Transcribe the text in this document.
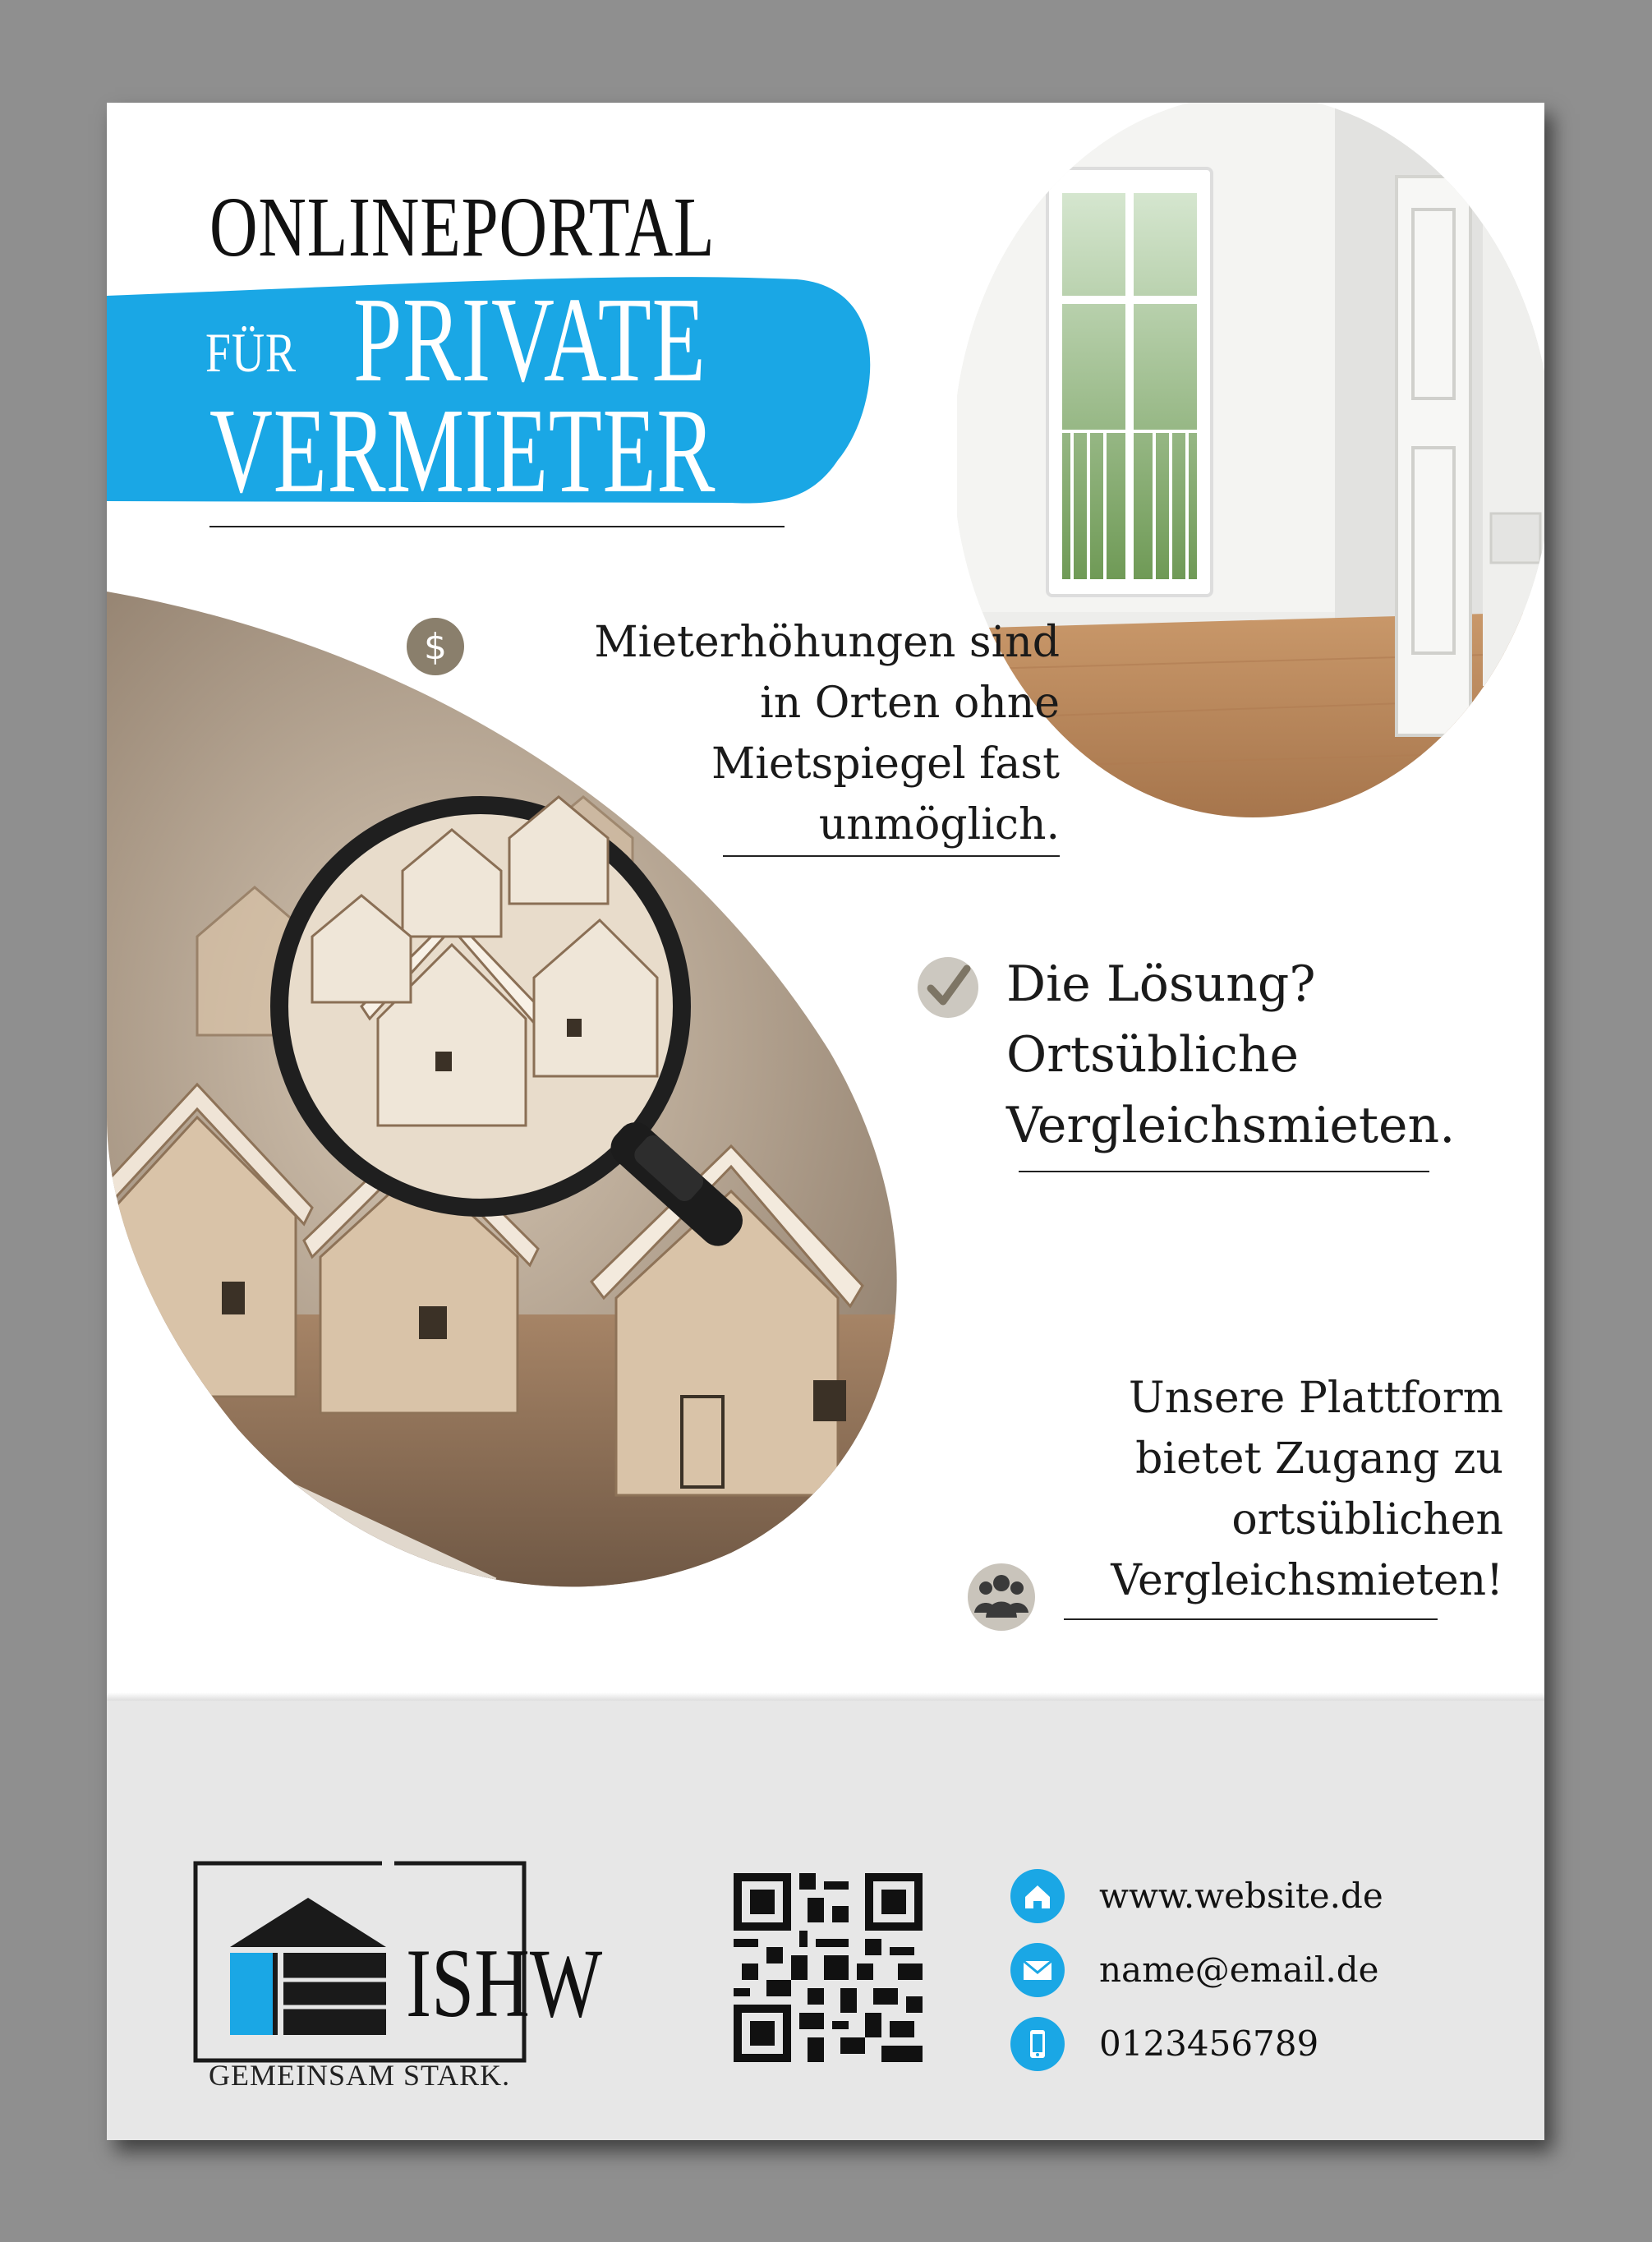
ONLINEPORTAL
FÜR PRIVATE
VERMIETER
$	Mieterhöhungen sind
in Orten ohne
Mietspiegel fast
unmöglich.
Die Lösung?
Ortsübliche
Vergleichsmieten.
Unsere Plattform
bietet Zugang zu
ortsüblichen
Vergleichsmieten!
ISHW
GEMEINSAM STARK.
www.website.de
name@email.de
0123456789
